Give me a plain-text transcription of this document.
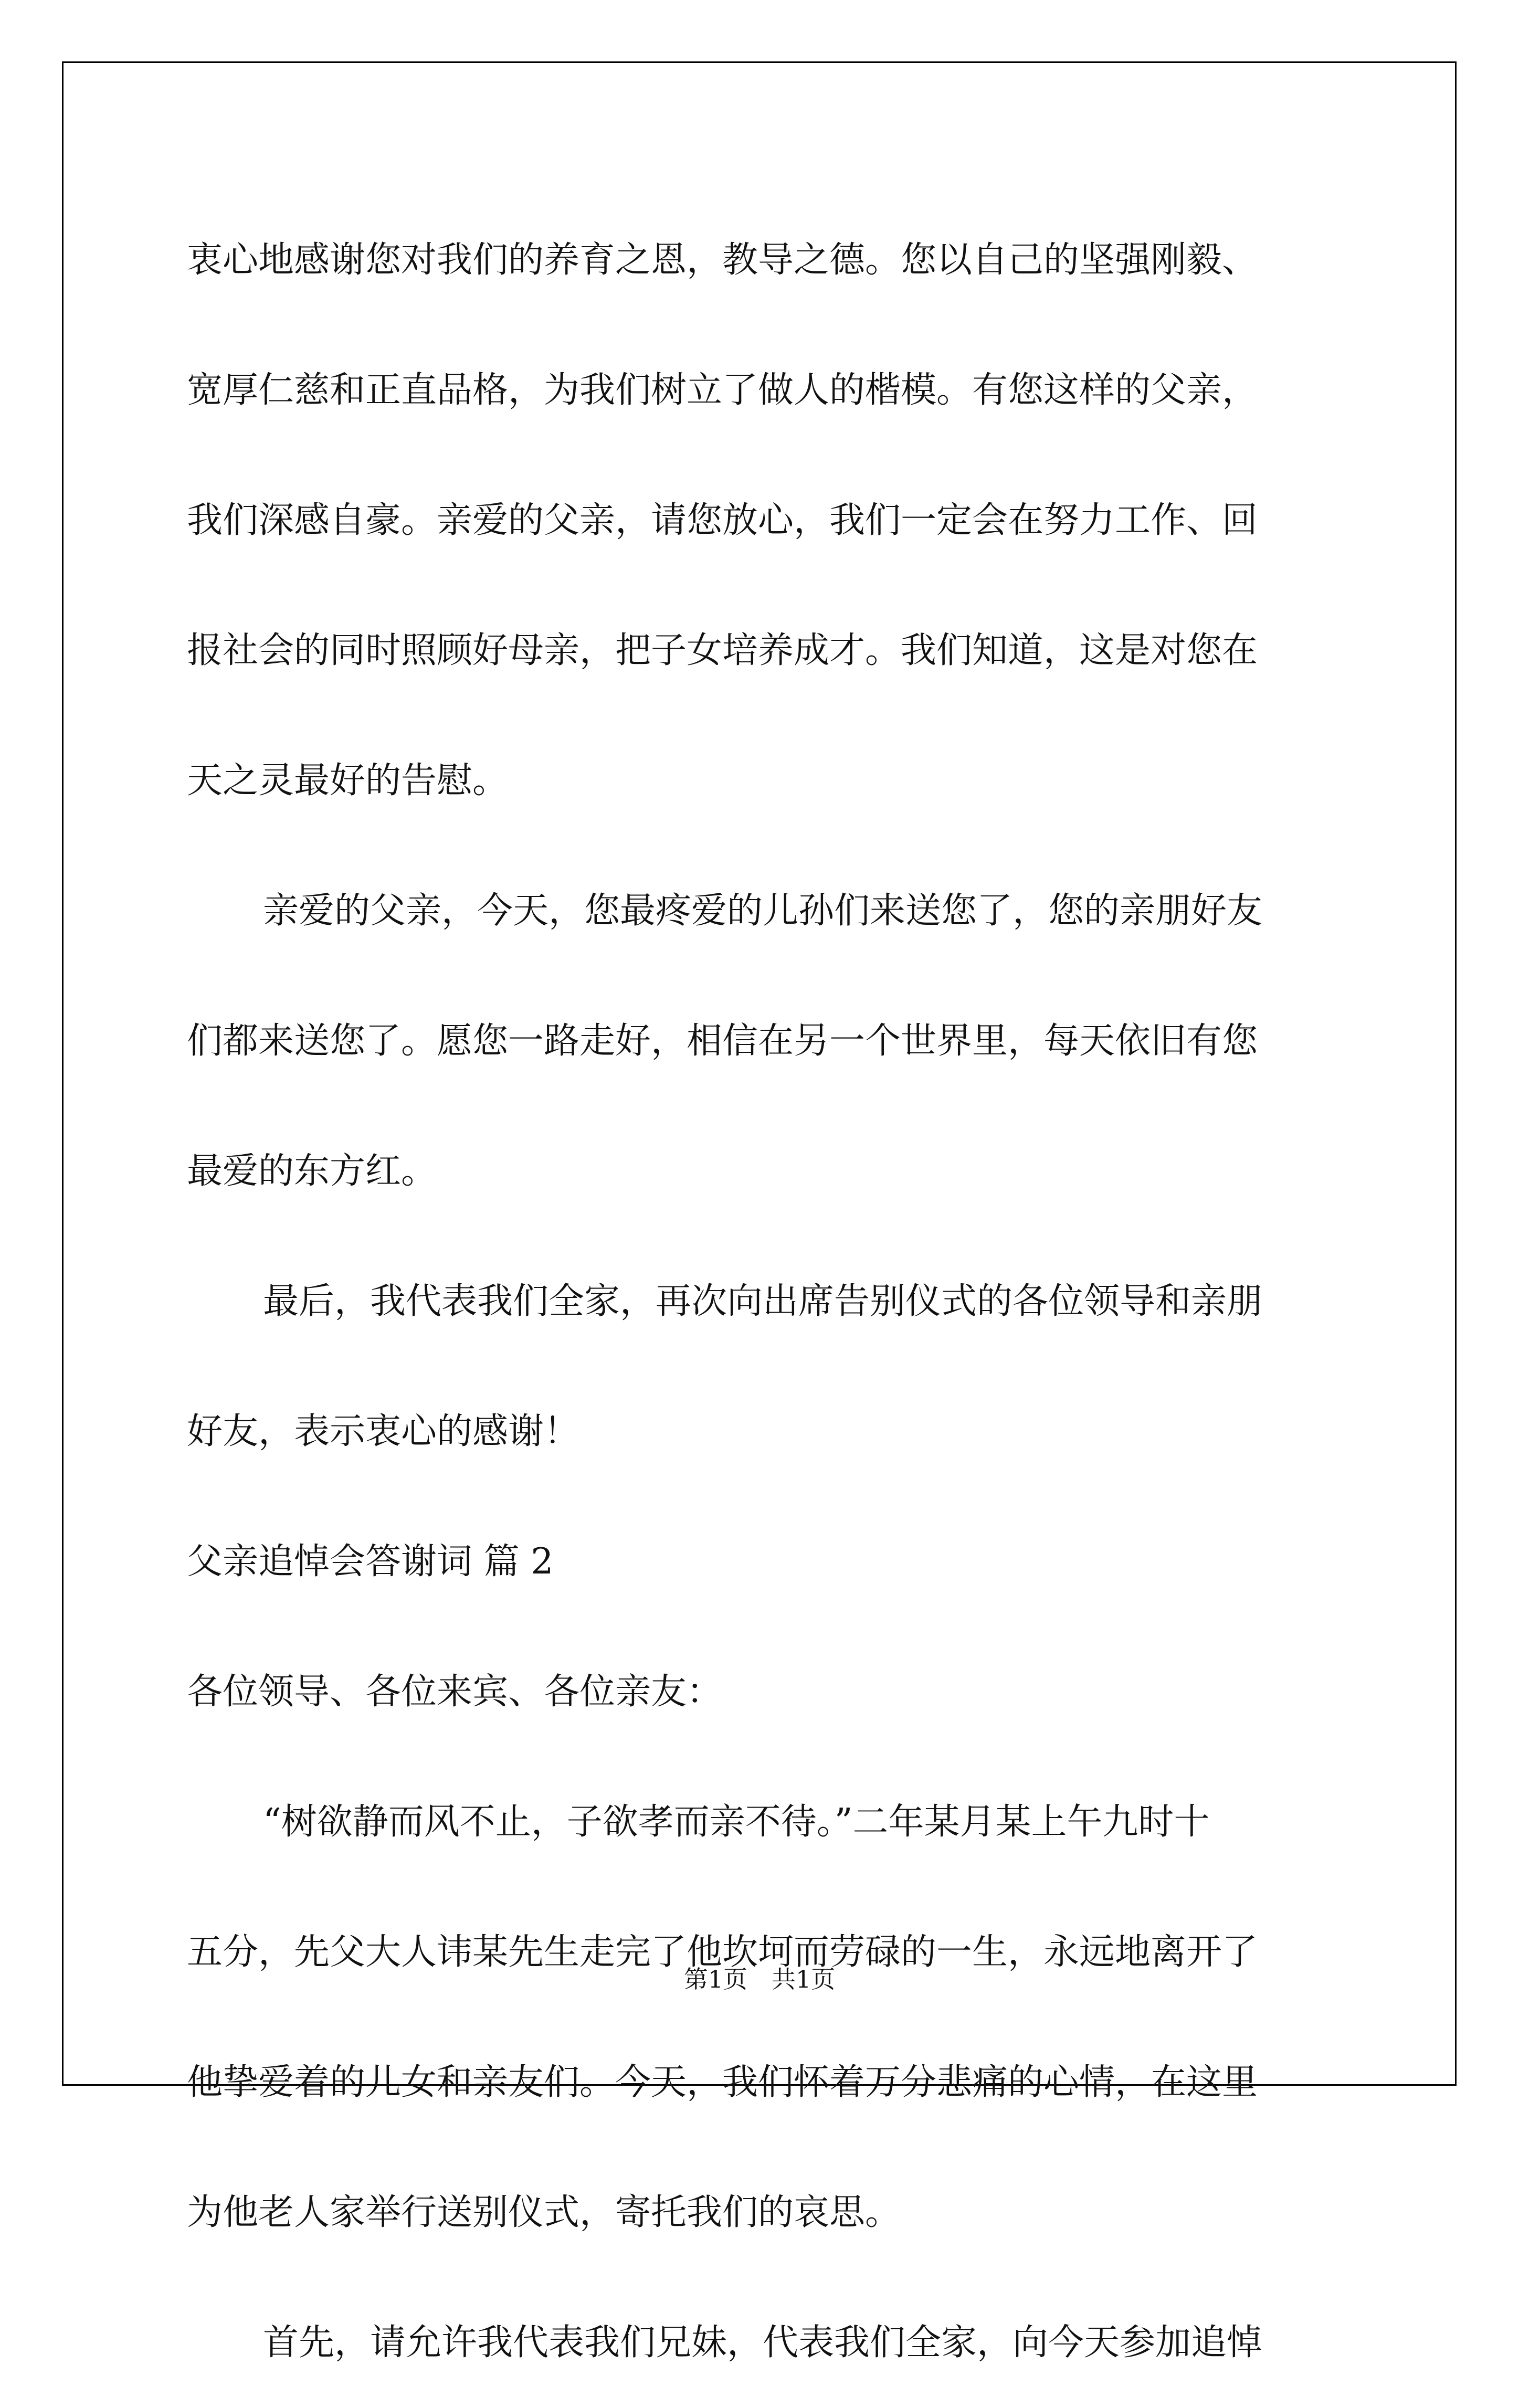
衷心地感谢您对我们的养育之恩，教导之德。您以自己的坚强刚毅、
宽厚仁慈和正直品格，为我们树立了做人的楷模。有您这样的父亲，
我们深感自豪。亲爱的父亲，请您放心，我们一定会在努力工作、回
报社会的同时照顾好母亲，把子女培养成才。我们知道，这是对您在
天之灵最好的告慰。
亲爱的父亲，今天，您最疼爱的儿孙们来送您了，您的亲朋好友
们都来送您了。愿您一路走好，相信在另一个世界里，每天依旧有您
最爱的东方红。
最后，我代表我们全家，再次向出席告别仪式的各位领导和亲朋
好友，表示衷心的感谢！
父亲追悼会答谢词 篇 2
各位领导、各位来宾、各位亲友：
“树欲静而风不止，子欲孝而亲不待。”二年某月某上午九时十
五分，先父大人讳某先生走完了他坎坷而劳碌的一生，永远地离开了
他挚爱着的儿女和亲友们。今天，我们怀着万分悲痛的心情，在这里
为他老人家举行送别仪式，寄托我们的哀思。
首先，请允许我代表我们兄妹，代表我们全家，向今天参加追悼
第1页　共1页
